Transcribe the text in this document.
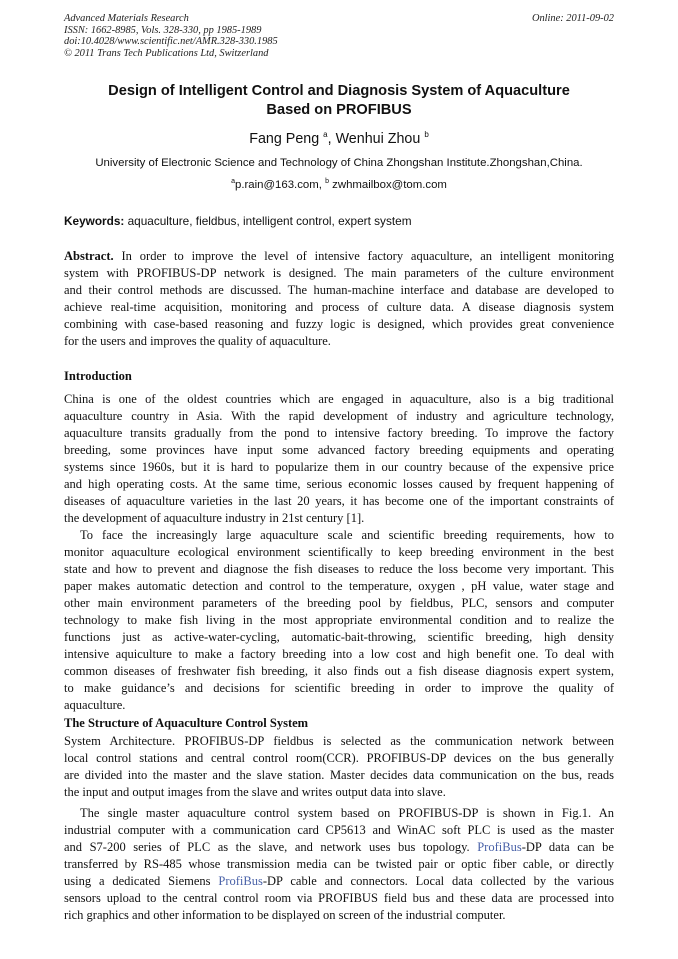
Advanced Materials Research
ISSN: 1662-8985, Vols. 328-330, pp 1985-1989
doi:10.4028/www.scientific.net/AMR.328-330.1985
© 2011 Trans Tech Publications Ltd, Switzerland
Online: 2011-09-02
Design of Intelligent Control and Diagnosis System of Aquaculture
Based on PROFIBUS
Fang Peng $^a$, Wenhui Zhou $^b$
University of Electronic Science and Technology of China Zhongshan Institute.Zhongshan,China.
$^a$p.rain@163.com, $^b$ zwhmailbox@tom.com
Keywords: aquaculture, fieldbus, intelligent control, expert system
Abstract. In order to improve the level of intensive factory aquaculture, an intelligent monitoring
system with PROFIBUS-DP network is designed. The main parameters of the culture environment
and their control methods are discussed. The human-machine interface and database are developed to
achieve real-time acquisition, monitoring and process of culture data. A disease diagnosis system
combining with case-based reasoning and fuzzy logic is designed, which provides great convenience
for the users and improves the quality of aquaculture.
Introduction
China is one of the oldest countries which are engaged in aquaculture, also is a big traditional
aquaculture country in Asia. With the rapid development of industry and agriculture technology,
aquaculture transits gradually from the pond to intensive factory breeding. To improve the factory
breeding, some provinces have input some advanced factory breeding equipments and operating
systems since 1960s, but it is hard to popularize them in our country because of the expensive price
and high operating costs. At the same time, serious economic losses caused by frequent happening of
diseases of aquaculture varieties in the last 20 years, it has become one of the important constraints of
the development of aquaculture industry in 21st century [1].
To face the increasingly large aquaculture scale and scientific breeding requirements, how to
monitor aquaculture ecological environment scientifically to keep breeding environment in the best
state and how to prevent and diagnose the fish diseases to reduce the loss become very important. This
paper makes automatic detection and control to the temperature, oxygen , pH value, water stage and
other main environment parameters of the breeding pool by fieldbus, PLC, sensors and computer
technology to make fish living in the most appropriate environmental condition and to realize the
functions just as active-water-cycling, automatic-bait-throwing, scientific breeding, high density
intensive aquiculture to make a factory breeding into a low cost and high benefit one. To deal with
common diseases of freshwater fish breeding, it also finds out a fish disease diagnosis expert system,
to make guidance’s and decisions for scientific breeding in order to improve the quality of
aquaculture.
The Structure of Aquaculture Control System
System Architecture. PROFIBUS-DP fieldbus is selected as the communication network between
local control stations and central control room(CCR). PROFIBUS-DP devices on the bus generally
are divided into the master and the slave station. Master decides data communication on the bus, reads
the input and output images from the slave and writes output data into slave.
The single master aquaculture control system based on PROFIBUS-DP is shown in Fig.1. An
industrial computer with a communication card CP5613 and WinAC soft PLC is used as the master
and S7-200 series of PLC as the slave, and network uses bus topology. ProfiBus-DP data can be
transferred by RS-485 whose transmission media can be twisted pair or optic fiber cable, or directly
using a dedicated Siemens ProfiBus-DP cable and connectors. Local data collected by the various
sensors upload to the central control room via PROFIBUS field bus and these data are processed into
rich graphics and other information to be displayed on screen of the industrial computer.
